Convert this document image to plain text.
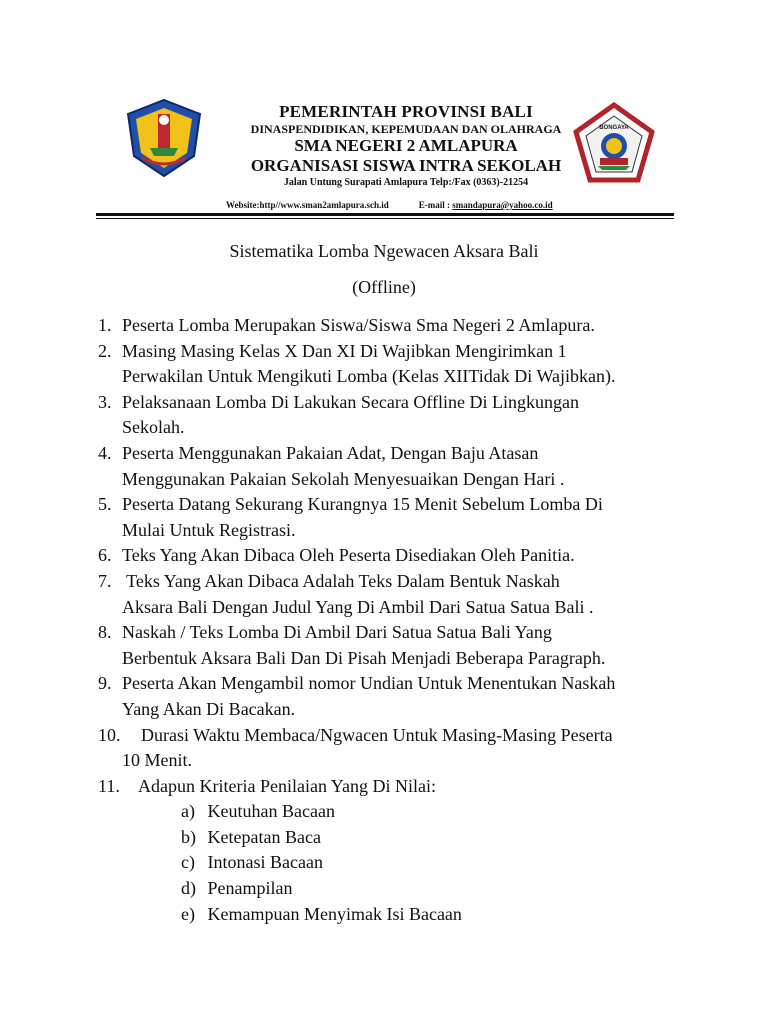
PEMERINTAH PROVINSI BALI
DINASPENDIDIKAN, KEPEMUDAAN DAN OLAHRAGA
SMA NEGERI 2 AMLAPURA
ORGANISASI SISWA INTRA SEKOLAH
Jalan Untung Surapati Amlapura Telp:/Fax (0363)-21254
Website:http//www.sman2amlapura.sch.id	E-mail : smandapura@yahoo.co.id
BONGAYA
Sistematika Lomba Ngewacen Aksara Bali
(Offline)
1. Peserta Lomba Merupakan Siswa/Siswa Sma Negeri 2 Amlapura.
2. Masing Masing Kelas X Dan XI Di Wajibkan Mengirimkan 1
Perwakilan Untuk Mengikuti Lomba (Kelas XIITidak Di Wajibkan).
3. Pelaksanaan Lomba Di Lakukan Secara Offline Di Lingkungan
Sekolah.
4. Peserta Menggunakan Pakaian Adat, Dengan Baju Atasan
Menggunakan Pakaian Sekolah Menyesuaikan Dengan Hari .
5. Peserta Datang Sekurang Kurangnya 15 Menit Sebelum Lomba Di
Mulai Untuk Registrasi.
6. Teks Yang Akan Dibaca Oleh Peserta Disediakan Oleh Panitia.
7. Teks Yang Akan Dibaca Adalah Teks Dalam Bentuk Naskah
Aksara Bali Dengan Judul Yang Di Ambil Dari Satua Satua Bali .
8. Naskah / Teks Lomba Di Ambil Dari Satua Satua Bali Yang
Berbentuk Aksara Bali Dan Di Pisah Menjadi Beberapa Paragraph.
9. Peserta Akan Mengambil nomor Undian Untuk Menentukan Naskah
Yang Akan Di Bacakan.
10.	Durasi Waktu Membaca/Ngwacen Untuk Masing-Masing Peserta
10 Menit.
11.	Adapun Kriteria Penilaian Yang Di Nilai:
a) Keutuhan Bacaan
b) Ketepatan Baca
c) Intonasi Bacaan
d) Penampilan
e) Kemampuan Menyimak Isi Bacaan
